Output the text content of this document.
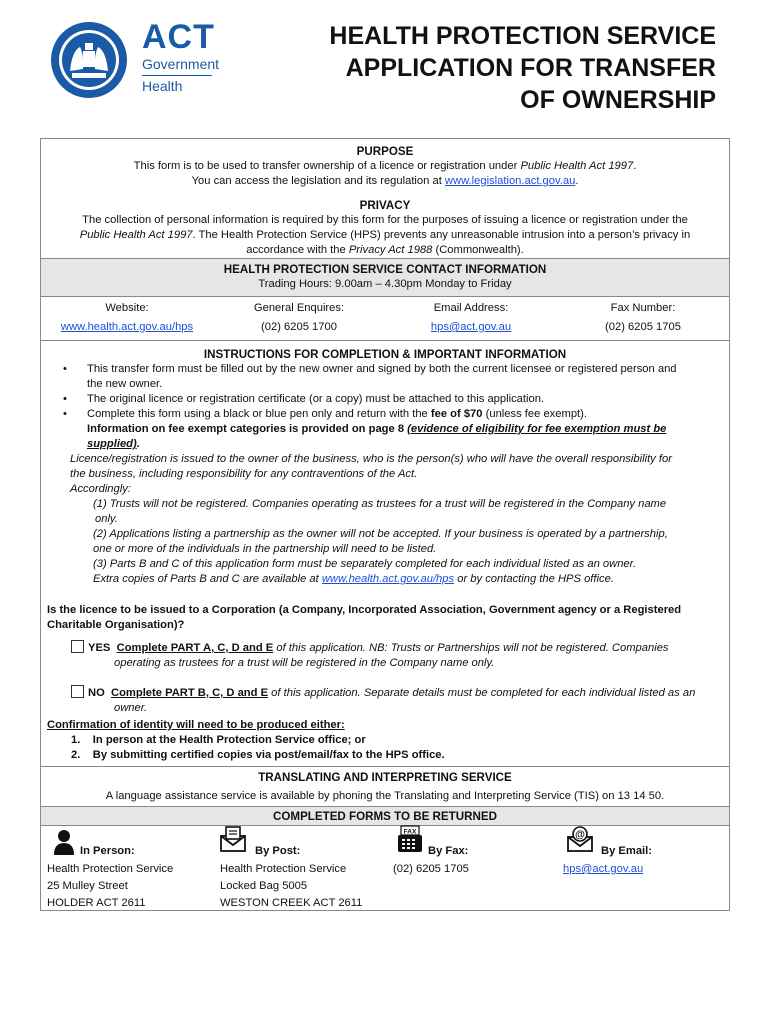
ACT
Government
Health
HEALTH PROTECTION SERVICE
APPLICATION FOR TRANSFER
OF OWNERSHIP
PURPOSE
This form is to be used to transfer ownership of a licence or registration under Public Health Act 1997.
You can access the legislation and its regulation at www.legislation.act.gov.au.
PRIVACY
The collection of personal information is required by this form for the purposes of issuing a licence or registration under the
Public Health Act 1997. The Health Protection Service (HPS) prevents any unreasonable intrusion into a person’s privacy in
accordance with the Privacy Act 1988 (Commonwealth).
HEALTH PROTECTION SERVICE CONTACT INFORMATION
Trading Hours: 9.00am – 4.30pm Monday to Friday
Website:	General Enquires:	Email Address:	Fax Number:
www.health.act.gov.au/hps	(02) 6205 1700	hps@act.gov.au	(02) 6205 1705
INSTRUCTIONS FOR COMPLETION & IMPORTANT INFORMATION
• This transfer form must be filled out by the new owner and signed by both the current licensee or registered person and
the new owner.
• The original licence or registration certificate (or a copy) must be attached to this application.
• Complete this form using a black or blue pen only and return with the fee of $70 (unless fee exempt).
Information on fee exempt categories is provided on page 8 (evidence of eligibility for fee exemption must be
supplied).
Licence/registration is issued to the owner of the business, who is the person(s) who will have the overall responsibility for
the business, including responsibility for any contraventions of the Act.
Accordingly:
(1) Trusts will not be registered. Companies operating as trustees for a trust will be registered in the Company name
only.
(2) Applications listing a partnership as the owner will not be accepted. If your business is operated by a partnership,
one or more of the individuals in the partnership will need to be listed.
(3) Parts B and C of this application form must be separately completed for each individual listed as an owner.
Extra copies of Parts B and C are available at www.health.act.gov.au/hps or by contacting the HPS office.
Is the licence to be issued to a Corporation (a Company, Incorporated Association, Government agency or a Registered
Charitable Organisation)?
YES Complete PART A, C, D and E of this application. NB: Trusts or Partnerships will not be registered. Companies
operating as trustees for a trust will be registered in the Company name only.
NO Complete PART B, C, D and E of this application. Separate details must be completed for each individual listed as an
owner.
Confirmation of identity will need to be produced either:
1. In person at the Health Protection Service office; or
2. By submitting certified copies via post/email/fax to the HPS office.
TRANSLATING AND INTERPRETING SERVICE
A language assistance service is available by phoning the Translating and Interpreting Service (TIS) on 13 14 50.
COMPLETED FORMS TO BE RETURNED
In Person:
Health Protection Service
25 Mulley Street
HOLDER ACT 2611
By Post:
Health Protection Service
Locked Bag 5005
WESTON CREEK ACT 2611
FAX
By Fax:
(02) 6205 1705
@
By Email:
hps@act.gov.au
